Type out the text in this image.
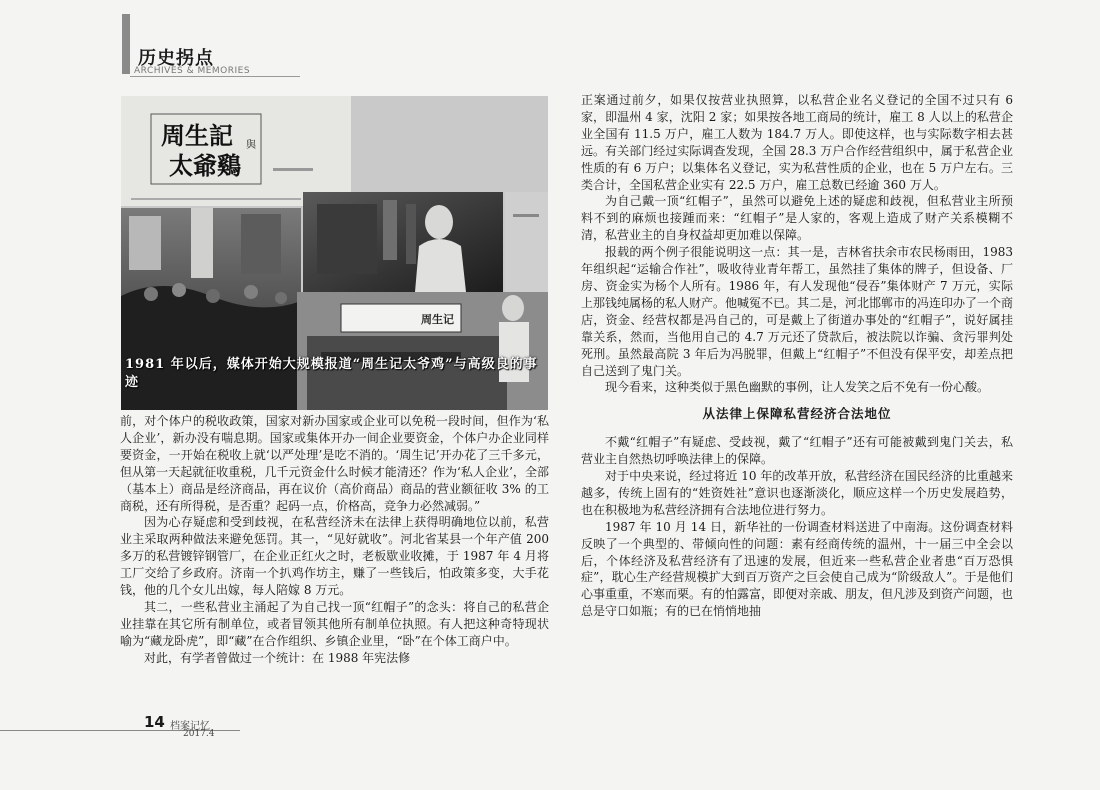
历史拐点
ARCHIVES & MEMORIES
周生記 與
太爺鷄
周生记
1981 年以后，媒体开始大规模报道“周生记太爷鸡”与高级良的事迹

前，对个体户的税收政策，国家对新办国家或企业可以免税一段时间，但作为‘私人企业’，新办没有喘息期。国家或集体开办一间企业要资金，个体户办企业同样要资金，一开始在税收上就‘以严处理’是吃不消的。‘周生记’开办花了三千多元，但从第一天起就征收重税，几千元资金什么时候才能清还？作为‘私人企业’，全部（基本上）商品是经济商品，再在议价（高价商品）商品的营业额征收 3% 的工商税，还有所得税，是否重？起码一点，价格高，竞争力必然减弱。”

因为心存疑虑和受到歧视，在私营经济未在法律上获得明确地位以前，私营业主采取两种做法来避免惩罚。其一，“见好就收”。河北省某县一个年产值 200 多万的私营镀锌钢管厂，在企业正红火之时，老板歇业收摊，于 1987 年 4 月将工厂交给了乡政府。济南一个扒鸡作坊主，赚了一些钱后，怕政策多变，大手花钱，他的几个女儿出嫁，每人陪嫁 8 万元。

其二，一些私营业主涌起了为自己找一顶“红帽子”的念头：将自己的私营企业挂靠在其它所有制单位，或者冒领其他所有制单位执照。有人把这种奇特现状喻为“藏龙卧虎”，即“藏”在合作组织、乡镇企业里，“卧”在个体工商户中。

对此，有学者曾做过一个统计：在 1988 年宪法修

正案通过前夕，如果仅按营业执照算，以私营企业名义登记的全国不过只有 6 家，即温州 4 家，沈阳 2 家；如果按各地工商局的统计，雇工 8 人以上的私营企业全国有 11.5 万户，雇工人数为 184.7 万人。即使这样，也与实际数字相去甚远。有关部门经过实际调查发现，全国 28.3 万户合作经营组织中，属于私营企业性质的有 6 万户；以集体名义登记，实为私营性质的企业，也在 5 万户左右。三类合计，全国私营企业实有 22.5 万户，雇工总数已经逾 360 万人。

为自己戴一顶“红帽子”，虽然可以避免上述的疑虑和歧视，但私营业主所预料不到的麻烦也接踵而来：“红帽子”是人家的，客观上造成了财产关系模糊不清，私营业主的自身权益却更加难以保障。

报载的两个例子很能说明这一点：其一是，吉林省扶余市农民杨雨田，1983 年组织起“运输合作社”，吸收待业青年帮工，虽然挂了集体的牌子，但设备、厂房、资金实为杨个人所有。1986 年，有人发现他“侵吞”集体财产 7 万元，实际上那钱纯属杨的私人财产。他喊冤不已。其二是，河北邯郸市的冯连印办了一个商店，资金、经营权都是冯自己的，可是戴上了街道办事处的“红帽子”，说好属挂靠关系，然而，当他用自己的 4.7 万元还了贷款后，被法院以诈骗、贪污罪判处死刑。虽然最高院 3 年后为冯脱罪，但戴上“红帽子”不但没有保平安，却差点把自己送到了鬼门关。

现今看来，这种类似于黑色幽默的事例，让人发笑之后不免有一份心酸。

从法律上保障私营经济合法地位

不戴“红帽子”有疑虑、受歧视，戴了“红帽子”还有可能被戴到鬼门关去，私营业主自然热切呼唤法律上的保障。

对于中央来说，经过将近 10 年的改革开放，私营经济在国民经济的比重越来越多，传统上固有的“姓资姓社”意识也逐渐淡化，顺应这样一个历史发展趋势，也在积极地为私营经济拥有合法地位进行努力。

1987 年 10 月 14 日，新华社的一份调查材料送进了中南海。这份调查材料反映了一个典型的、带倾向性的问题：素有经商传统的温州，十一届三中全会以后，个体经济及私营经济有了迅速的发展，但近来一些私营企业者患“百万恐惧症”，耽心生产经营规模扩大到百万资产之巨会使自己成为“阶级敌人”。于是他们心事重重，不寒而栗。有的怕露富，即便对亲戚、朋友，但凡涉及到资产问题，也总是守口如瓶；有的已在悄悄地抽

14 档案记忆
2017.4
